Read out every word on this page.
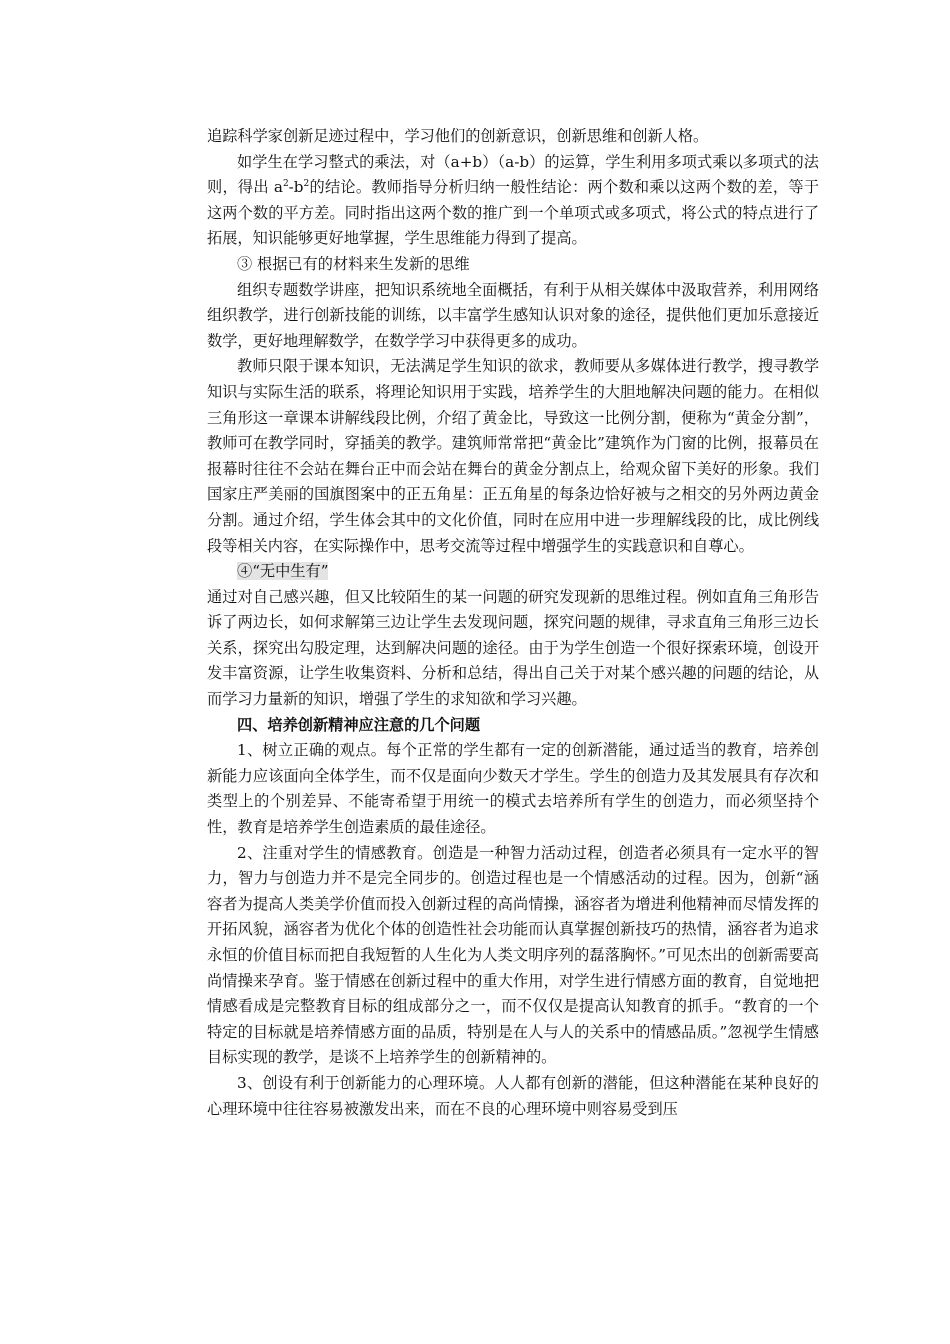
追踪科学家创新足迹过程中，学习他们的创新意识，创新思维和创新人格。

如学生在学习整式的乘法，对（a+b）（a-b）的运算，学生利用多项式乘以多项式的法则，得出 $a^2-b^2$的结论。教师指导分析归纳一般性结论：两个数和乘以这两个数的差，等于这两个数的平方差。同时指出这两个数的推广到一个单项式或多项式，将公式的特点进行了拓展，知识能够更好地掌握，学生思维能力得到了提高。

③ 根据已有的材料来生发新的思维

组织专题数学讲座，把知识系统地全面概括，有利于从相关媒体中汲取营养，利用网络组织教学，进行创新技能的训练，以丰富学生感知认识对象的途径，提供他们更加乐意接近数学，更好地理解数学，在数学学习中获得更多的成功。

教师只限于课本知识，无法满足学生知识的欲求，教师要从多媒体进行教学，搜寻教学知识与实际生活的联系，将理论知识用于实践，培养学生的大胆地解决问题的能力。在相似三角形这一章课本讲解线段比例，介绍了黄金比，导致这一比例分割，便称为“黄金分割”，教师可在教学同时，穿插美的教学。建筑师常常把“黄金比”建筑作为门窗的比例，报幕员在报幕时往往不会站在舞台正中而会站在舞台的黄金分割点上，给观众留下美好的形象。我们国家庄严美丽的国旗图案中的正五角星：正五角星的每条边恰好被与之相交的另外两边黄金分割。通过介绍，学生体会其中的文化价值，同时在应用中进一步理解线段的比，成比例线段等相关内容，在实际操作中，思考交流等过程中增强学生的实践意识和自尊心。

④“无中生有”

通过对自己感兴趣，但又比较陌生的某一问题的研究发现新的思维过程。例如直角三角形告诉了两边长，如何求解第三边让学生去发现问题，探究问题的规律，寻求直角三角形三边长关系，探究出勾股定理，达到解决问题的途径。由于为学生创造一个很好探索环境，创设开发丰富资源，让学生收集资料、分析和总结，得出自己关于对某个感兴趣的问题的结论，从而学习力量新的知识，增强了学生的求知欲和学习兴趣。

四、培养创新精神应注意的几个问题

1、树立正确的观点。每个正常的学生都有一定的创新潜能，通过适当的教育，培养创新能力应该面向全体学生，而不仅是面向少数天才学生。学生的创造力及其发展具有存次和类型上的个别差异、不能寄希望于用统一的模式去培养所有学生的创造力，而必须坚持个性，教育是培养学生创造素质的最佳途径。

2、注重对学生的情感教育。创造是一种智力活动过程，创造者必须具有一定水平的智力，智力与创造力并不是完全同步的。创造过程也是一个情感活动的过程。因为，创新“涵容者为提高人类美学价值而投入创新过程的高尚情操，涵容者为增进利他精神而尽情发挥的开拓风貌，涵容者为优化个体的创造性社会功能而认真掌握创新技巧的热情，涵容者为追求永恒的价值目标而把自我短暂的人生化为人类文明序列的磊落胸怀。”可见杰出的创新需要高尚情操来孕育。鉴于情感在创新过程中的重大作用，对学生进行情感方面的教育，自觉地把情感看成是完整教育目标的组成部分之一，而不仅仅是提高认知教育的抓手。“教育的一个特定的目标就是培养情感方面的品质，特别是在人与人的关系中的情感品质。”忽视学生情感目标实现的教学，是谈不上培养学生的创新精神的。

3、创设有利于创新能力的心理环境。人人都有创新的潜能，但这种潜能在某种良好的心理环境中往往容易被激发出来，而在不良的心理环境中则容易受到压
